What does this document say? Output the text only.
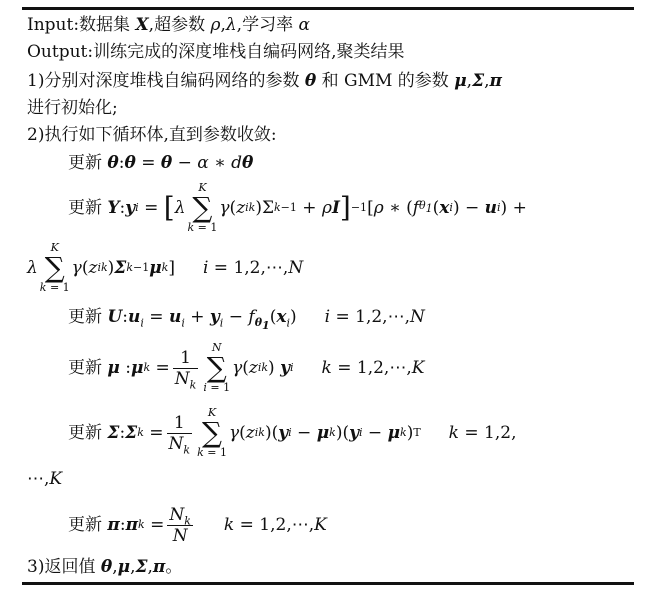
Input:数据集 X,超参数 ρ,λ,学习率 α
Output:训练完成的深度堆栈自编码网络,聚类结果
1)分别对深度堆栈自编码网络的参数 θ 和 GMM 的参数 μ,Σ,π
进行初始化;
2)执行如下循环体,直到参数收敛:
更新 θ:θ = θ − α ∗ dθ
更新 Y : y i = [ λ
K
∑
k = 1
γ ( z ik )Σ k −1 + ρ I ] −1 [ ρ ∗ ( f $\theta_1$ ( x i ) − u i ) +
λ
K
∑
k = 1
γ ( z ik ) Σ k −1 μ k ] i = 1,2,⋯, N
更新 $U:u_i = u_i + y_i - f_{\theta_1}(x_i) i$ = 1,2,⋯,N
更新 μ : μ $k = \frac{1}{N_k}$	N
∑
i = 1
γ ( z ik ) y i k = 1,2,⋯, K
更新 Σ : Σ $k = \frac{1}{N_k}$	K
∑
k = 1
γ ( z ik )( y i − μ k )( y i − μ k ) T k = 1,2,
⋯,K
更新 π : π $k = \frac{N_k}{N}$ k = 1,2,⋯, K
3)返回值 θ,μ,Σ,π。
